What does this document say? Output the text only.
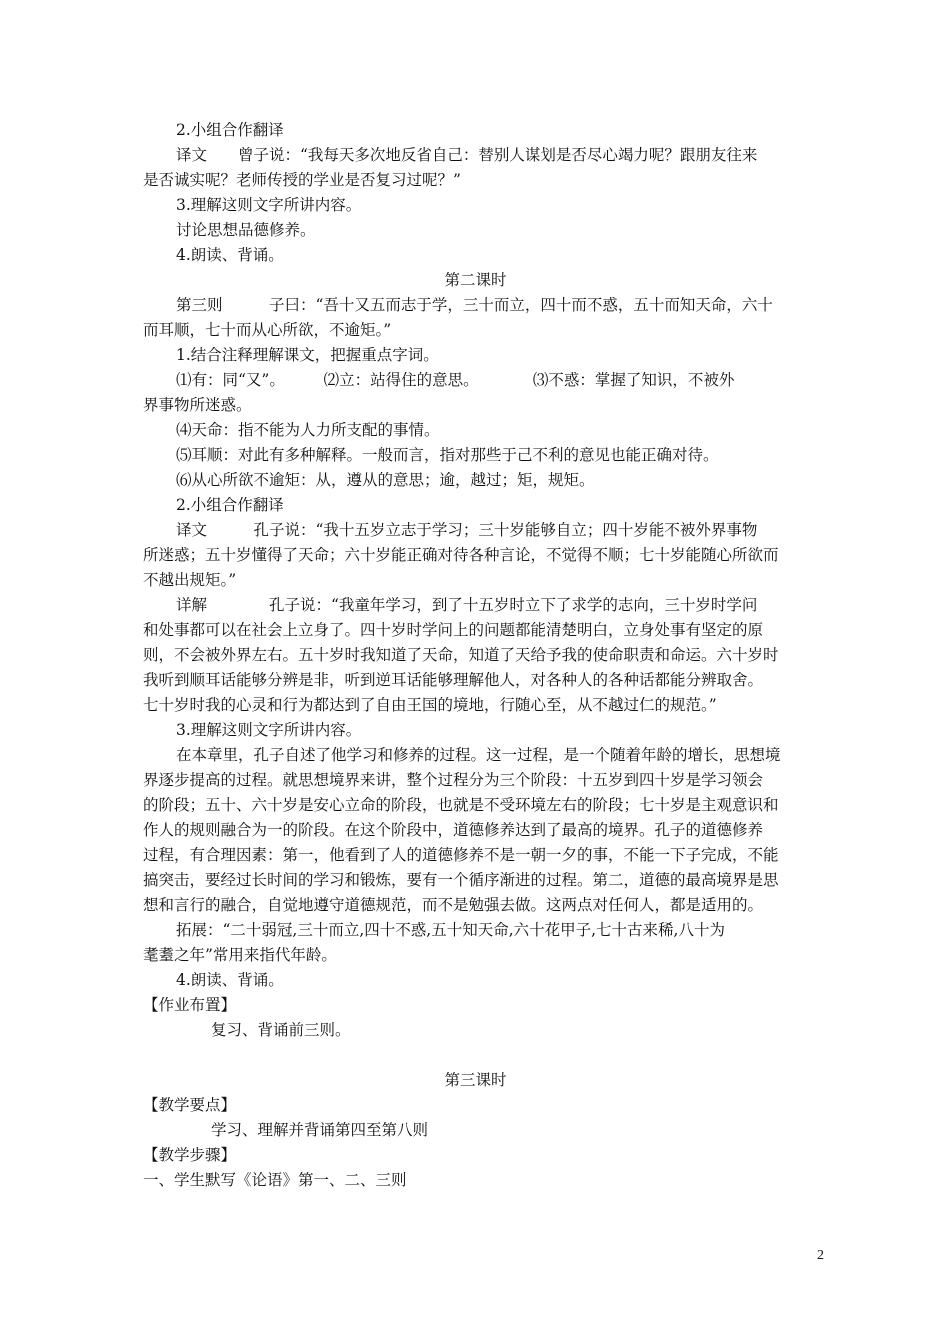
2.小组合作翻译
译文　　曾子说：“我每天多次地反省自己：替别人谋划是否尽心竭力呢？跟朋友往来
是否诚实呢？老师传授的学业是否复习过呢？”
3.理解这则文字所讲内容。
讨论思想品德修养。
4.朗读、背诵。
第二课时
第三则　　　子曰：“吾十又五而志于学，三十而立，四十而不惑，五十而知天命，六十
而耳顺，七十而从心所欲，不逾矩。”
1.结合注释理解课文，把握重点字词。
⑴有：同“又”。　　　⑵立：站得住的意思。　　　　⑶不惑：掌握了知识，不被外
界事物所迷惑。
⑷天命：指不能为人力所支配的事情。
⑸耳顺：对此有多种解释。一般而言，指对那些于己不利的意见也能正确对待。
⑹从心所欲不逾矩：从，遵从的意思；逾，越过；矩，规矩。
2.小组合作翻译
译文　　　孔子说：“我十五岁立志于学习；三十岁能够自立；四十岁能不被外界事物
所迷惑；五十岁懂得了天命；六十岁能正确对待各种言论，不觉得不顺；七十岁能随心所欲而
不越出规矩。”
详解　　　　孔子说：“我童年学习，到了十五岁时立下了求学的志向，三十岁时学问
和处事都可以在社会上立身了。四十岁时学问上的问题都能清楚明白，立身处事有坚定的原
则，不会被外界左右。五十岁时我知道了天命，知道了天给予我的使命职责和命运。六十岁时
我听到顺耳话能够分辨是非，听到逆耳话能够理解他人，对各种人的各种话都能分辨取舍。
七十岁时我的心灵和行为都达到了自由王国的境地，行随心至，从不越过仁的规范。”
3.理解这则文字所讲内容。
在本章里，孔子自述了他学习和修养的过程。这一过程，是一个随着年龄的增长，思想境
界逐步提高的过程。就思想境界来讲，整个过程分为三个阶段：十五岁到四十岁是学习领会
的阶段；五十、六十岁是安心立命的阶段，也就是不受环境左右的阶段；七十岁是主观意识和
作人的规则融合为一的阶段。在这个阶段中，道德修养达到了最高的境界。孔子的道德修养
过程，有合理因素：第一，他看到了人的道德修养不是一朝一夕的事，不能一下子完成，不能
搞突击，要经过长时间的学习和锻炼，要有一个循序渐进的过程。第二，道德的最高境界是思
想和言行的融合，自觉地遵守道德规范，而不是勉强去做。这两点对任何人，都是适用的。
拓展：“二十弱冠,三十而立,四十不惑,五十知天命,六十花甲子,七十古来稀,八十为
耄耋之年”常用来指代年龄。
4.朗读、背诵。
【作业布置】
复习、背诵前三则。
第三课时
【教学要点】
学习、理解并背诵第四至第八则
【教学步骤】
一、学生默写《论语》第一、二、三则
2
